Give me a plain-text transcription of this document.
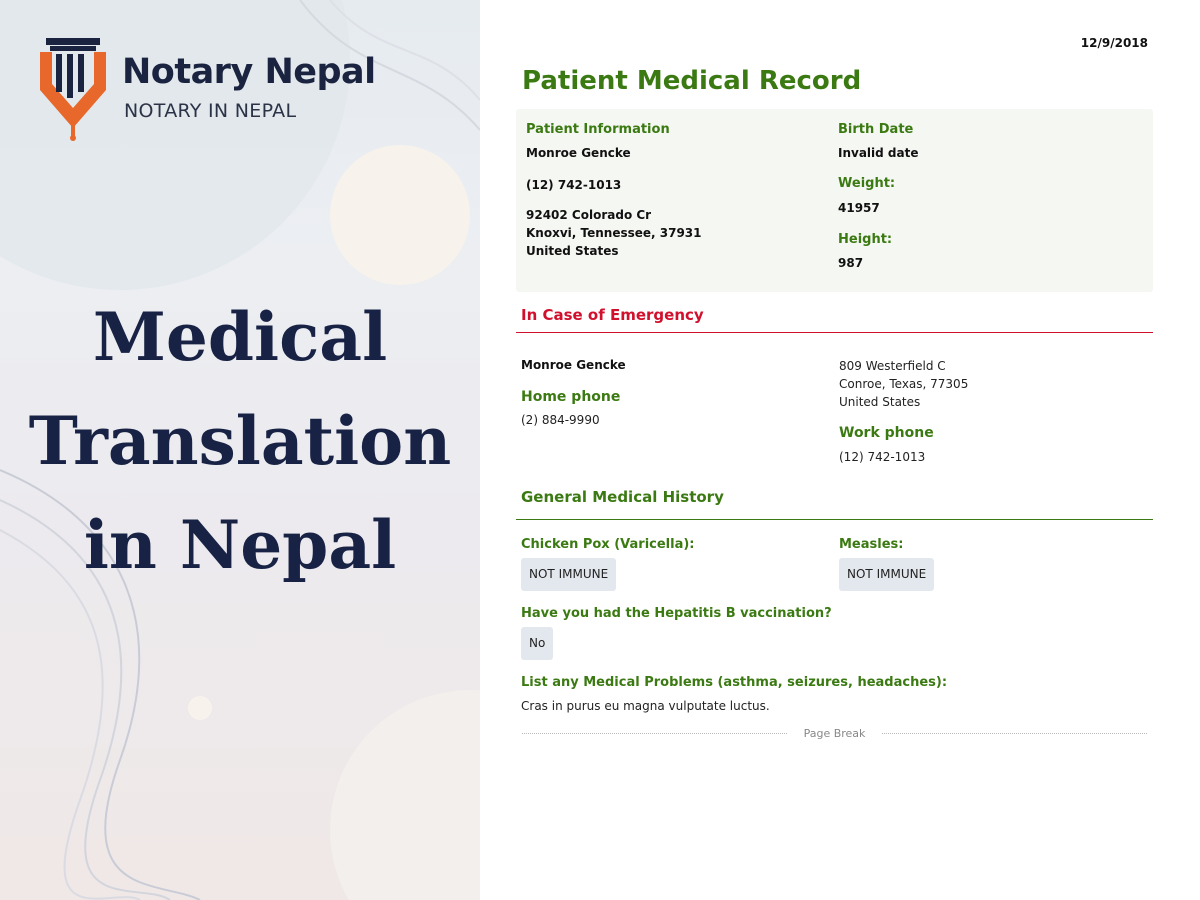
Notary Nepal
NOTARY IN NEPAL
Medical
Translation
in Nepal
12/9/2018
Patient Medical Record
Patient Information
Monroe Gencke
(12) 742-1013
92402 Colorado Cr
Knoxvi, Tennessee, 37931
United States
Birth Date
Invalid date
Weight:
41957
Height:
987
In Case of Emergency
Monroe Gencke
Home phone
(2) 884-9990
809 Westerfield C
Conroe, Texas, 77305
United States
Work phone
(12) 742-1013
General Medical History
Chicken Pox (Varicella):
NOT IMMUNE
Measles:
NOT IMMUNE
Have you had the Hepatitis B vaccination?
No
List any Medical Problems (asthma, seizures, headaches):
Cras in purus eu magna vulputate luctus.
Page Break
